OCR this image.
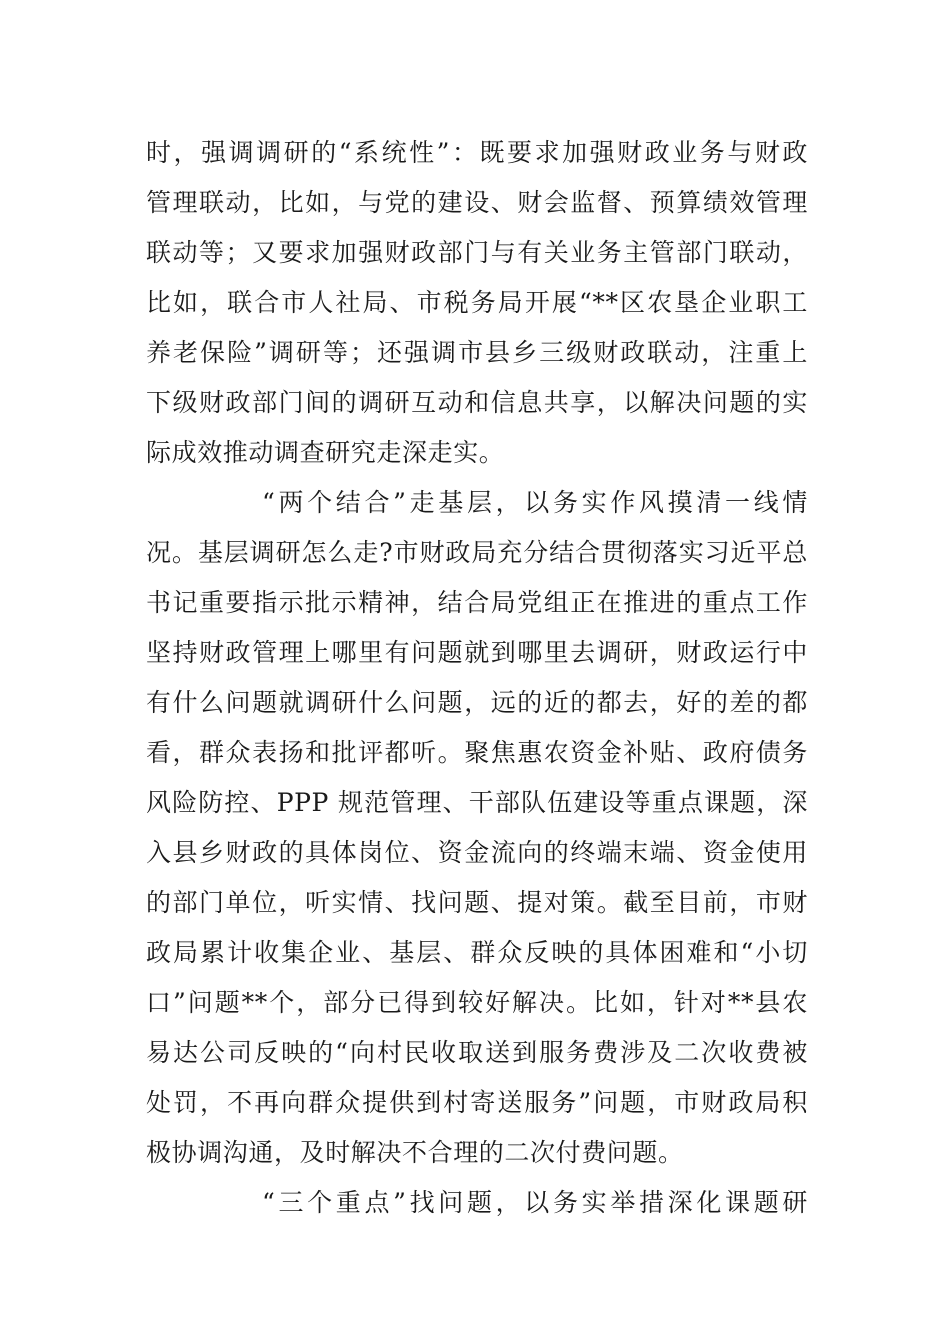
时，强调调研的“系统性”：既要求加强财政业务与财政
管理联动，比如，与党的建设、财会监督、预算绩效管理
联动等；又要求加强财政部门与有关业务主管部门联动，
比如，联合市人社局、市税务局开展“**区农垦企业职工
养老保险”调研等；还强调市县乡三级财政联动，注重上
下级财政部门间的调研互动和信息共享，以解决问题的实
际成效推动调查研究走深走实。
“两个结合”走基层，以务实作风摸清一线情
况。基层调研怎么走?市财政局充分结合贯彻落实习近平总
书记重要指示批示精神，结合局党组正在推进的重点工作
坚持财政管理上哪里有问题就到哪里去调研，财政运行中
有什么问题就调研什么问题，远的近的都去，好的差的都
看，群众表扬和批评都听。聚焦惠农资金补贴、政府债务
风险防控、PPP 规范管理、干部队伍建设等重点课题，深
入县乡财政的具体岗位、资金流向的终端末端、资金使用
的部门单位，听实情、找问题、提对策。截至目前，市财
政局累计收集企业、基层、群众反映的具体困难和“小切
口”问题**个，部分已得到较好解决。比如，针对**县农
易达公司反映的“向村民收取送到服务费涉及二次收费被
处罚，不再向群众提供到村寄送服务”问题，市财政局积
极协调沟通，及时解决不合理的二次付费问题。
“三个重点”找问题，以务实举措深化课题研
